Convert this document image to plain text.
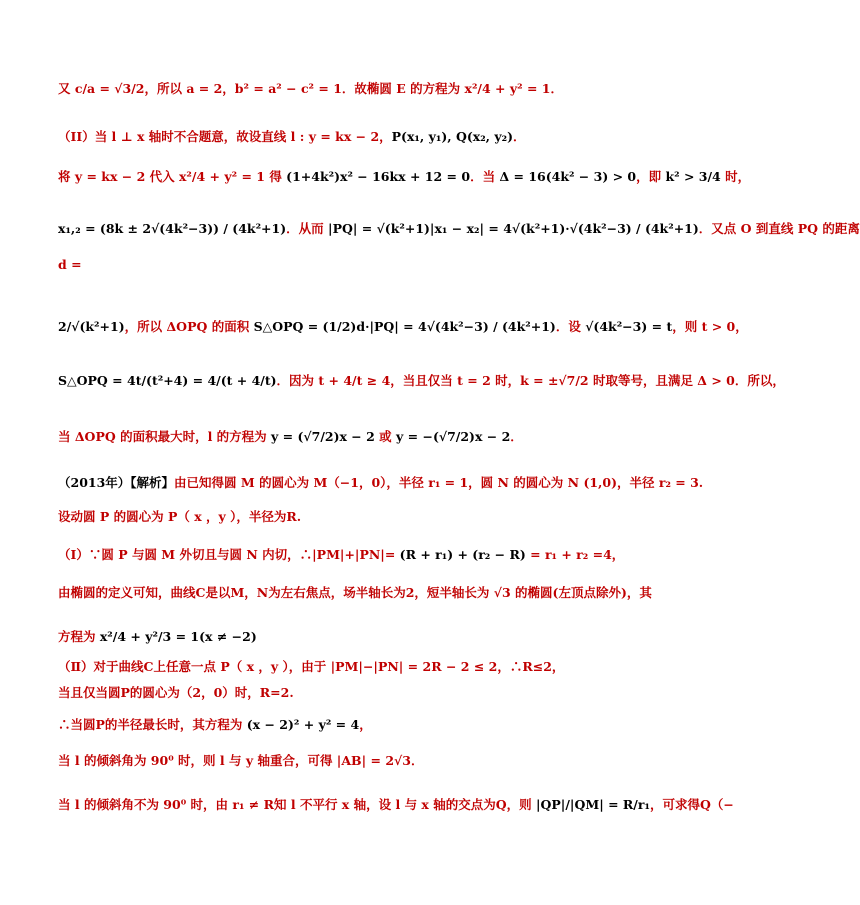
又 c/a = √3/2，所以 a = 2，b² = a² − c² = 1．故椭圆 E 的方程为 x²/4 + y² = 1．
（II）当 l ⊥ x 轴时不合题意，故设直线 l : y = kx − 2，P(x₁, y₁), Q(x₂, y₂)．
将 y = kx − 2 代入 x²/4 + y² = 1 得 (1+4k²)x² − 16kx + 12 = 0．当 Δ = 16(4k² − 3) > 0，即 k² > 3/4 时，
x₁,₂ = (8k ± 2√(4k²−3)) / (4k²+1)．从而 |PQ| = √(k²+1)|x₁ − x₂| = 4√(k²+1)·√(4k²−3) / (4k²+1)．又点 O 到直线 PQ 的距离
d =
2/√(k²+1)，所以 ΔOPQ 的面积 S△OPQ = (1/2)d·|PQ| = 4√(4k²−3) / (4k²+1)．设 √(4k²−3) = t，则 t > 0，
S△OPQ = 4t/(t²+4) = 4/(t + 4/t)．因为 t + 4/t ≥ 4，当且仅当 t = 2 时，k = ±√7/2 时取等号，且满足 Δ > 0．所以，
当 ΔOPQ 的面积最大时，l 的方程为 y = (√7/2)x − 2 或 y = −(√7/2)x − 2．
（2013年）【解析】由已知得圆 M 的圆心为 M（−1，0），半径 r₁ = 1，圆 N 的圆心为 N (1,0)，半径 r₂ = 3.
设动圆 P 的圆心为 P（ x ，y ），半径为R.
（Ⅰ）∵圆 P 与圆 M 外切且与圆 N 内切，∴|PM|+|PN|= (R + r₁) + (r₂ − R) = r₁ + r₂ =4，
由椭圆的定义可知，曲线C是以M，N为左右焦点，场半轴长为2，短半轴长为 √3 的椭圆(左顶点除外)，其
方程为 x²/4 + y²/3 = 1(x ≠ −2)
（Ⅱ）对于曲线C上任意一点 P（ x ，y ），由于 |PM|−|PN| = 2R − 2 ≤ 2，∴R≤2，
当且仅当圆P的圆心为（2，0）时，R=2.
∴当圆P的半径最长时，其方程为 (x − 2)² + y² = 4，
当 l 的倾斜角为 90⁰ 时，则 l 与 y 轴重合，可得 |AB| = 2√3．
当 l 的倾斜角不为 90⁰ 时，由 r₁ ≠ R知 l 不平行 x 轴，设 l 与 x 轴的交点为Q，则 |QP|/|QM| = R/r₁，可求得Q（−
